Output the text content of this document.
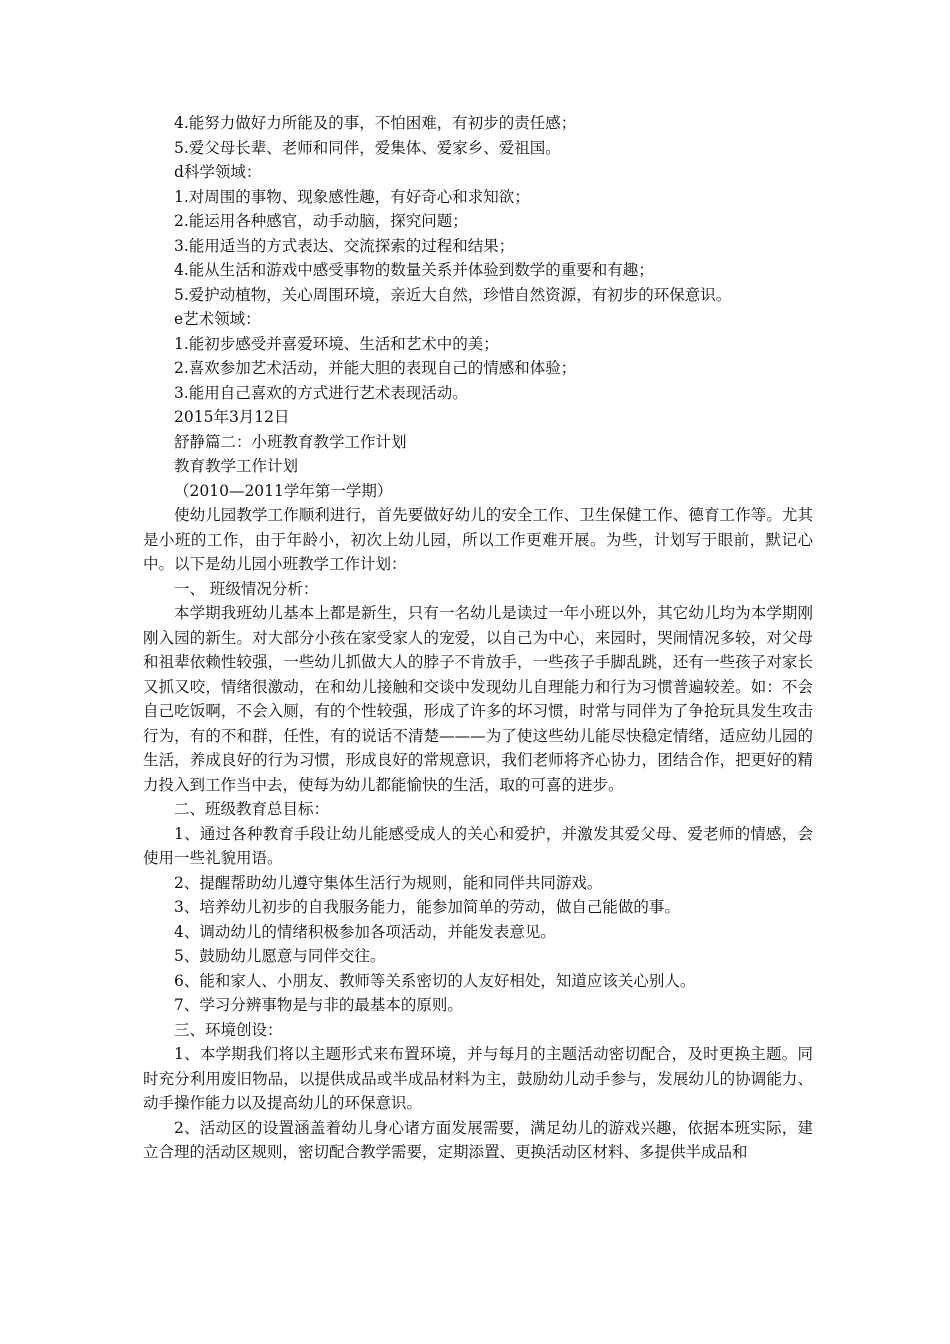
4.能努力做好力所能及的事，不怕困难，有初步的责任感；
5.爱父母长辈、老师和同伴，爱集体、爱家乡、爱祖国。
d科学领域：
1.对周围的事物、现象感性趣，有好奇心和求知欲；
2.能运用各种感官，动手动脑，探究问题；
3.能用适当的方式表达、交流探索的过程和结果；
4.能从生活和游戏中感受事物的数量关系并体验到数学的重要和有趣；
5.爱护动植物，关心周围环境，亲近大自然，珍惜自然资源，有初步的环保意识。
e艺术领域：
1.能初步感受并喜爱环境、生活和艺术中的美；
2.喜欢参加艺术活动，并能大胆的表现自己的情感和体验；
3.能用自己喜欢的方式进行艺术表现活动。
2015年3月12日
舒静篇二：小班教育教学工作计划
教育教学工作计划
（2010—2011学年第一学期）

使幼儿园教学工作顺利进行，首先要做好幼儿的安全工作、卫生保健工作、德育工作等。尤其是小班的工作，由于年龄小，初次上幼儿园，所以工作更难开展。为些，计划写于眼前，默记心中。以下是幼儿园小班教学工作计划：

一、 班级情况分析：

本学期我班幼儿基本上都是新生，只有一名幼儿是读过一年小班以外，其它幼儿均为本学期刚刚入园的新生。对大部分小孩在家受家人的宠爱，以自己为中心，来园时，哭闹情况多较，对父母和祖辈依赖性较强，一些幼儿抓做大人的脖子不肯放手，一些孩子手脚乱跳，还有一些孩子对家长又抓又咬，情绪很激动，在和幼儿接触和交谈中发现幼儿自理能力和行为习惯普遍较差。如：不会自己吃饭啊，不会入厕，有的个性较强，形成了许多的坏习惯，时常与同伴为了争抢玩具发生攻击行为，有的不和群，任性，有的说话不清楚———为了使这些幼儿能尽快稳定情绪，适应幼儿园的生活，养成良好的行为习惯，形成良好的常规意识，我们老师将齐心协力，团结合作，把更好的精力投入到工作当中去，使每为幼儿都能愉快的生活，取的可喜的进步。

二、班级教育总目标：

1、通过各种教育手段让幼儿能感受成人的关心和爱护，并激发其爱父母、爱老师的情感，会使用一些礼貌用语。

2、提醒帮助幼儿遵守集体生活行为规则，能和同伴共同游戏。
3、培养幼儿初步的自我服务能力，能参加简单的劳动，做自己能做的事。
4、调动幼儿的情绪积极参加各项活动，并能发表意见。
5、鼓励幼儿愿意与同伴交往。
6、能和家人、小朋友、教师等关系密切的人友好相处，知道应该关心别人。
7、学习分辨事物是与非的最基本的原则。
三、环境创设：

1、本学期我们将以主题形式来布置环境，并与每月的主题活动密切配合，及时更换主题。同时充分利用废旧物品，以提供成品或半成品材料为主，鼓励幼儿动手参与，发展幼儿的协调能力、动手操作能力以及提高幼儿的环保意识。

2、活动区的设置涵盖着幼儿身心诸方面发展需要，满足幼儿的游戏兴趣，依据本班实际，建立合理的活动区规则，密切配合教学需要，定期添置、更换活动区材料、多提供半成品和
